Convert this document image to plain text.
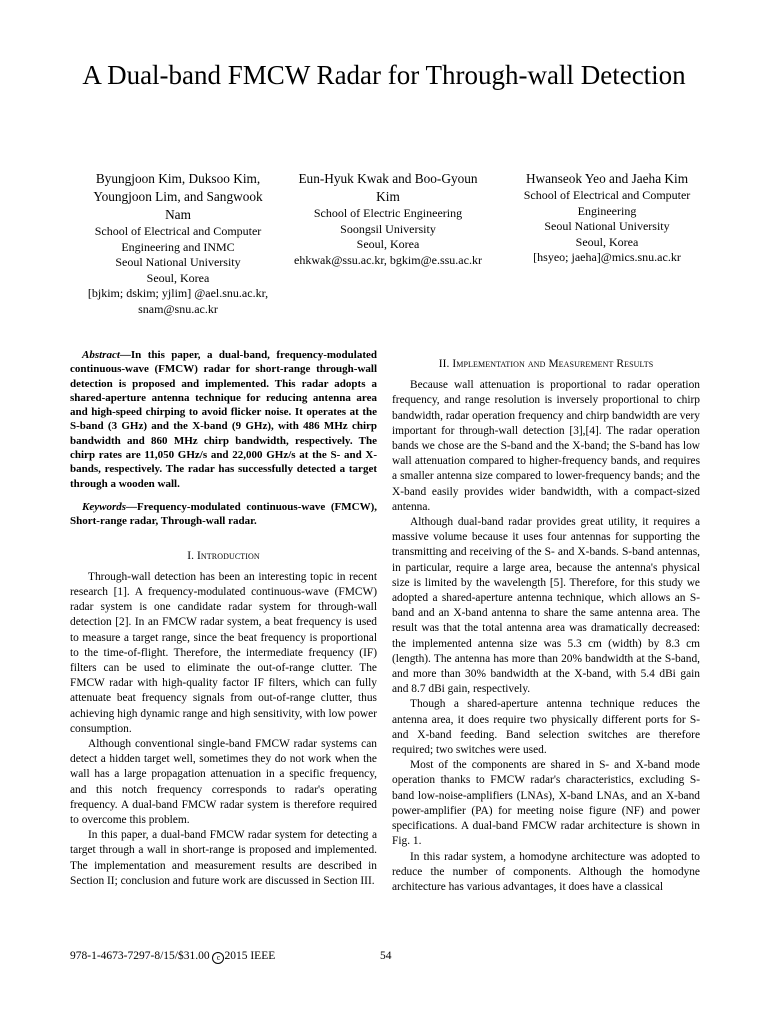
A Dual-band FMCW Radar for Through-wall Detection
Byungjoon Kim, Duksoo Kim,
Youngjoon Lim, and Sangwook
Nam
School of Electrical and Computer
Engineering and INMC
Seoul National University
Seoul, Korea
[bjkim; dskim; yjlim] @ael.snu.ac.kr,
snam@snu.ac.kr
Eun-Hyuk Kwak and Boo-Gyoun
Kim
School of Electric Engineering
Soongsil University
Seoul, Korea
ehkwak@ssu.ac.kr, bgkim@e.ssu.ac.kr
Hwanseok Yeo and Jaeha Kim
School of Electrical and Computer
Engineering
Seoul National University
Seoul, Korea
[hsyeo; jaeha]@mics.snu.ac.kr

Abstract—In this paper, a dual-band, frequency-modulated continuous-wave (FMCW) radar for short-range through-wall detection is proposed and implemented. This radar adopts a shared-aperture antenna technique for reducing antenna area and high-speed chirping to avoid flicker noise. It operates at the S-band (3 GHz) and the X-band (9 GHz), with 486 MHz chirp bandwidth and 860 MHz chirp bandwidth, respectively. The chirp rates are 11,050 GHz/s and 22,000 GHz/s at the S- and X-bands, respectively. The radar has successfully detected a target through a wooden wall.

Keywords—Frequency-modulated continuous-wave (FMCW), Short-range radar, Through-wall radar.

I. Introduction

Through-wall detection has been an interesting topic in recent research [1]. A frequency-modulated continuous-wave (FMCW) radar system is one candidate radar system for through-wall detection [2]. In an FMCW radar system, a beat frequency is used to measure a target range, since the beat frequency is proportional to the time-of-flight. Therefore, the intermediate frequency (IF) filters can be used to eliminate the out-of-range clutter. The FMCW radar with high-quality factor IF filters, which can fully attenuate beat frequency signals from out-of-range clutter, thus achieving high dynamic range and high sensitivity, with low power consumption.

Although conventional single-band FMCW radar systems can detect a hidden target well, sometimes they do not work when the wall has a large propagation attenuation in a specific frequency, and this notch frequency corresponds to radar's operating frequency. A dual-band FMCW radar system is therefore required to overcome this problem.

In this paper, a dual-band FMCW radar system for detecting a target through a wall in short-range is proposed and implemented. The implementation and measurement results are described in Section II; conclusion and future work are discussed in Section III.

II. Implementation and Measurement Results

Because wall attenuation is proportional to radar operation frequency, and range resolution is inversely proportional to chirp bandwidth, radar operation frequency and chirp bandwidth are very important for through-wall detection [3],[4]. The radar operation bands we chose are the S-band and the X-band; the S-band has low wall attenuation compared to higher-frequency bands, and requires a smaller antenna size compared to lower-frequency bands; and the X-band easily provides wider bandwidth, with a compact-sized antenna.

Although dual-band radar provides great utility, it requires a massive volume because it uses four antennas for supporting the transmitting and receiving of the S- and X-bands. S-band antennas, in particular, require a large area, because the antenna's physical size is limited by the wavelength [5]. Therefore, for this study we adopted a shared-aperture antenna technique, which allows an S-band and an X-band antenna to share the same antenna area. The result was that the total antenna area was dramatically decreased: the implemented antenna size was 5.3 cm (width) by 8.3 cm (length). The antenna has more than 20% bandwidth at the S-band, and more than 30% bandwidth at the X-band, with 5.4 dBi gain and 8.7 dBi gain, respectively.

Though a shared-aperture antenna technique reduces the antenna area, it does require two physically different ports for S- and X-band feeding. Band selection switches are therefore required; two switches were used.

Most of the components are shared in S- and X-band mode operation thanks to FMCW radar's characteristics, excluding S-band low-noise-amplifiers (LNAs), X-band LNAs, and an X-band power-amplifier (PA) for meeting noise figure (NF) and power specifications. A dual-band FMCW radar architecture is shown in Fig. 1.

In this radar system, a homodyne architecture was adopted to reduce the number of components. Although the homodyne architecture has various advantages, it does have a classical

978-1-4673-7297-8/15/$31.00 c 2015 IEEE	54
